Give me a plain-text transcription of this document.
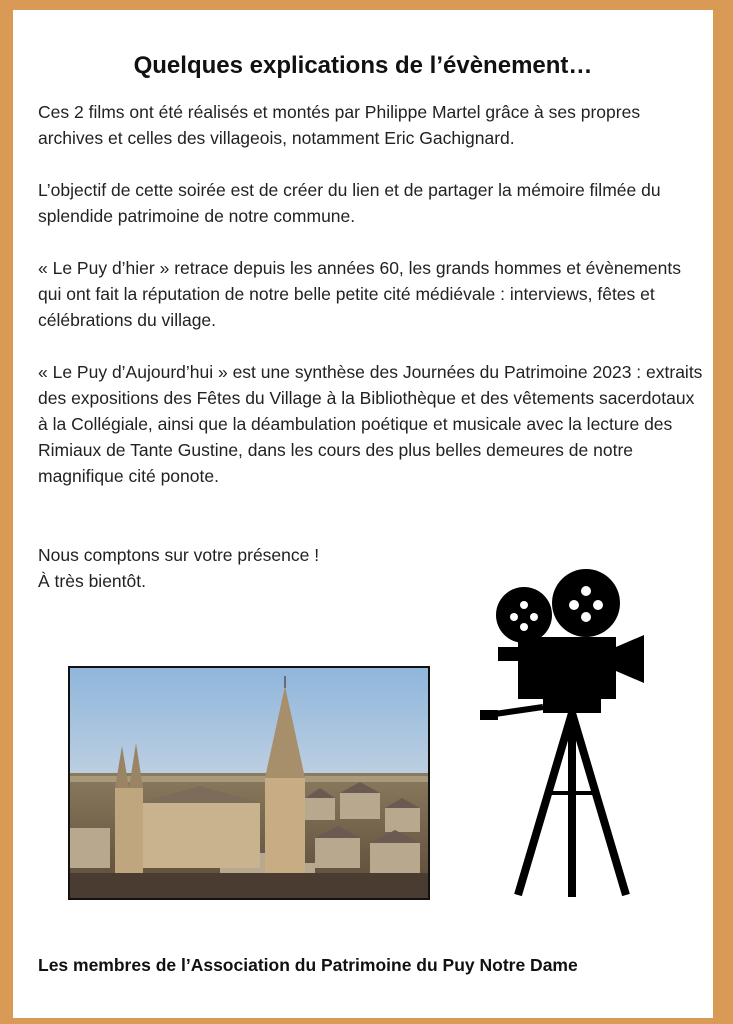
Quelques explications de l’évènement…

Ces 2 films ont été réalisés et montés par Philippe Martel grâce à ses propres archives et celles des villageois, notamment Eric Gachignard.

L’objectif de cette soirée est de créer du lien et de partager la mémoire filmée du splendide patrimoine de notre commune.

« Le Puy d’hier » retrace depuis les années 60, les grands hommes et évènements qui ont fait la réputation de notre belle petite cité médiévale : interviews, fêtes et célébrations du village.

« Le Puy d’Aujourd’hui » est une synthèse des Journées du Patrimoine 2023 : extraits des expositions des Fêtes du Village à la Bibliothèque et des vêtements sacerdotaux à la Collégiale, ainsi que la déambulation poétique et musicale avec la lecture des Rimiaux de Tante Gustine, dans les cours des plus belles demeures de notre magnifique cité ponote.

Nous comptons sur votre présence !

À très bientôt.

Les membres de l’Association du Patrimoine du Puy Notre Dame
